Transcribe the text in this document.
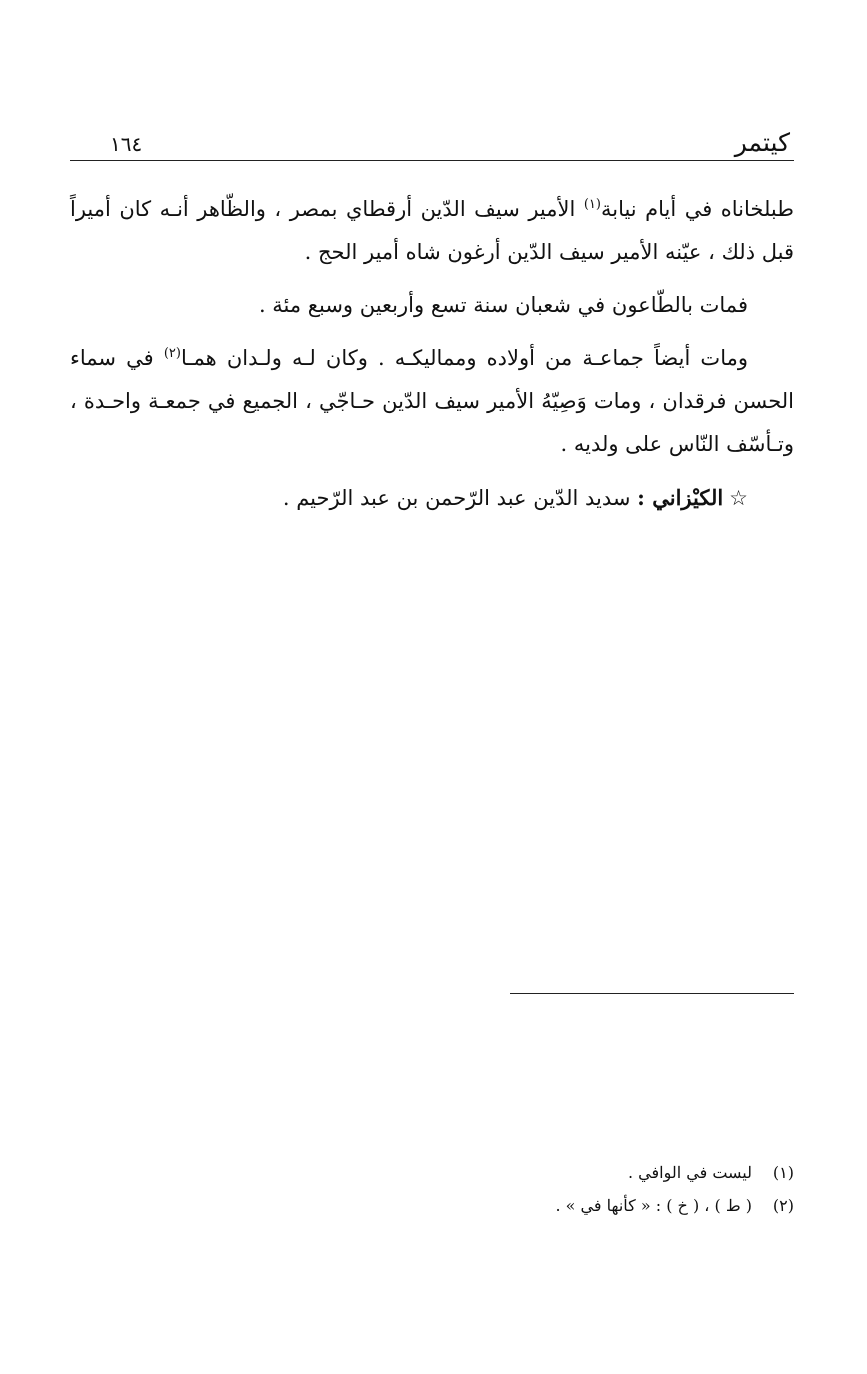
كيتمر
١٦٤

طبلخاناه في أيام نيابة$^{(١)}$ الأمير سيف الدّين أرقطاي بمصر ، والظّاهر أنـه كان أميراً قبل ذلك ، عيّنه الأمير سيف الدّين أرغون شاه أمير الحج .

فمات بالطّاعون في شعبان سنة تسع وأربعين وسبع مئة .

ومات أيضاً جماعـة من أولاده ومماليكـه . وكان لـه ولـدان همـا$^{(٢)}$ في سماء الحسن فرقدان ، ومات وَصِيّهُ الأمير سيف الدّين حـاجّي ، الجميع في جمعـة واحـدة ، وتـأسّف النّاس على ولديه .

☆الكيْزاني : سديد الدّين عبد الرّحمن بن عبد الرّحيم .

(١)
ليست في الوافي .
(٢)
( ط ) ، ( خ ) : « كأنها في » .
